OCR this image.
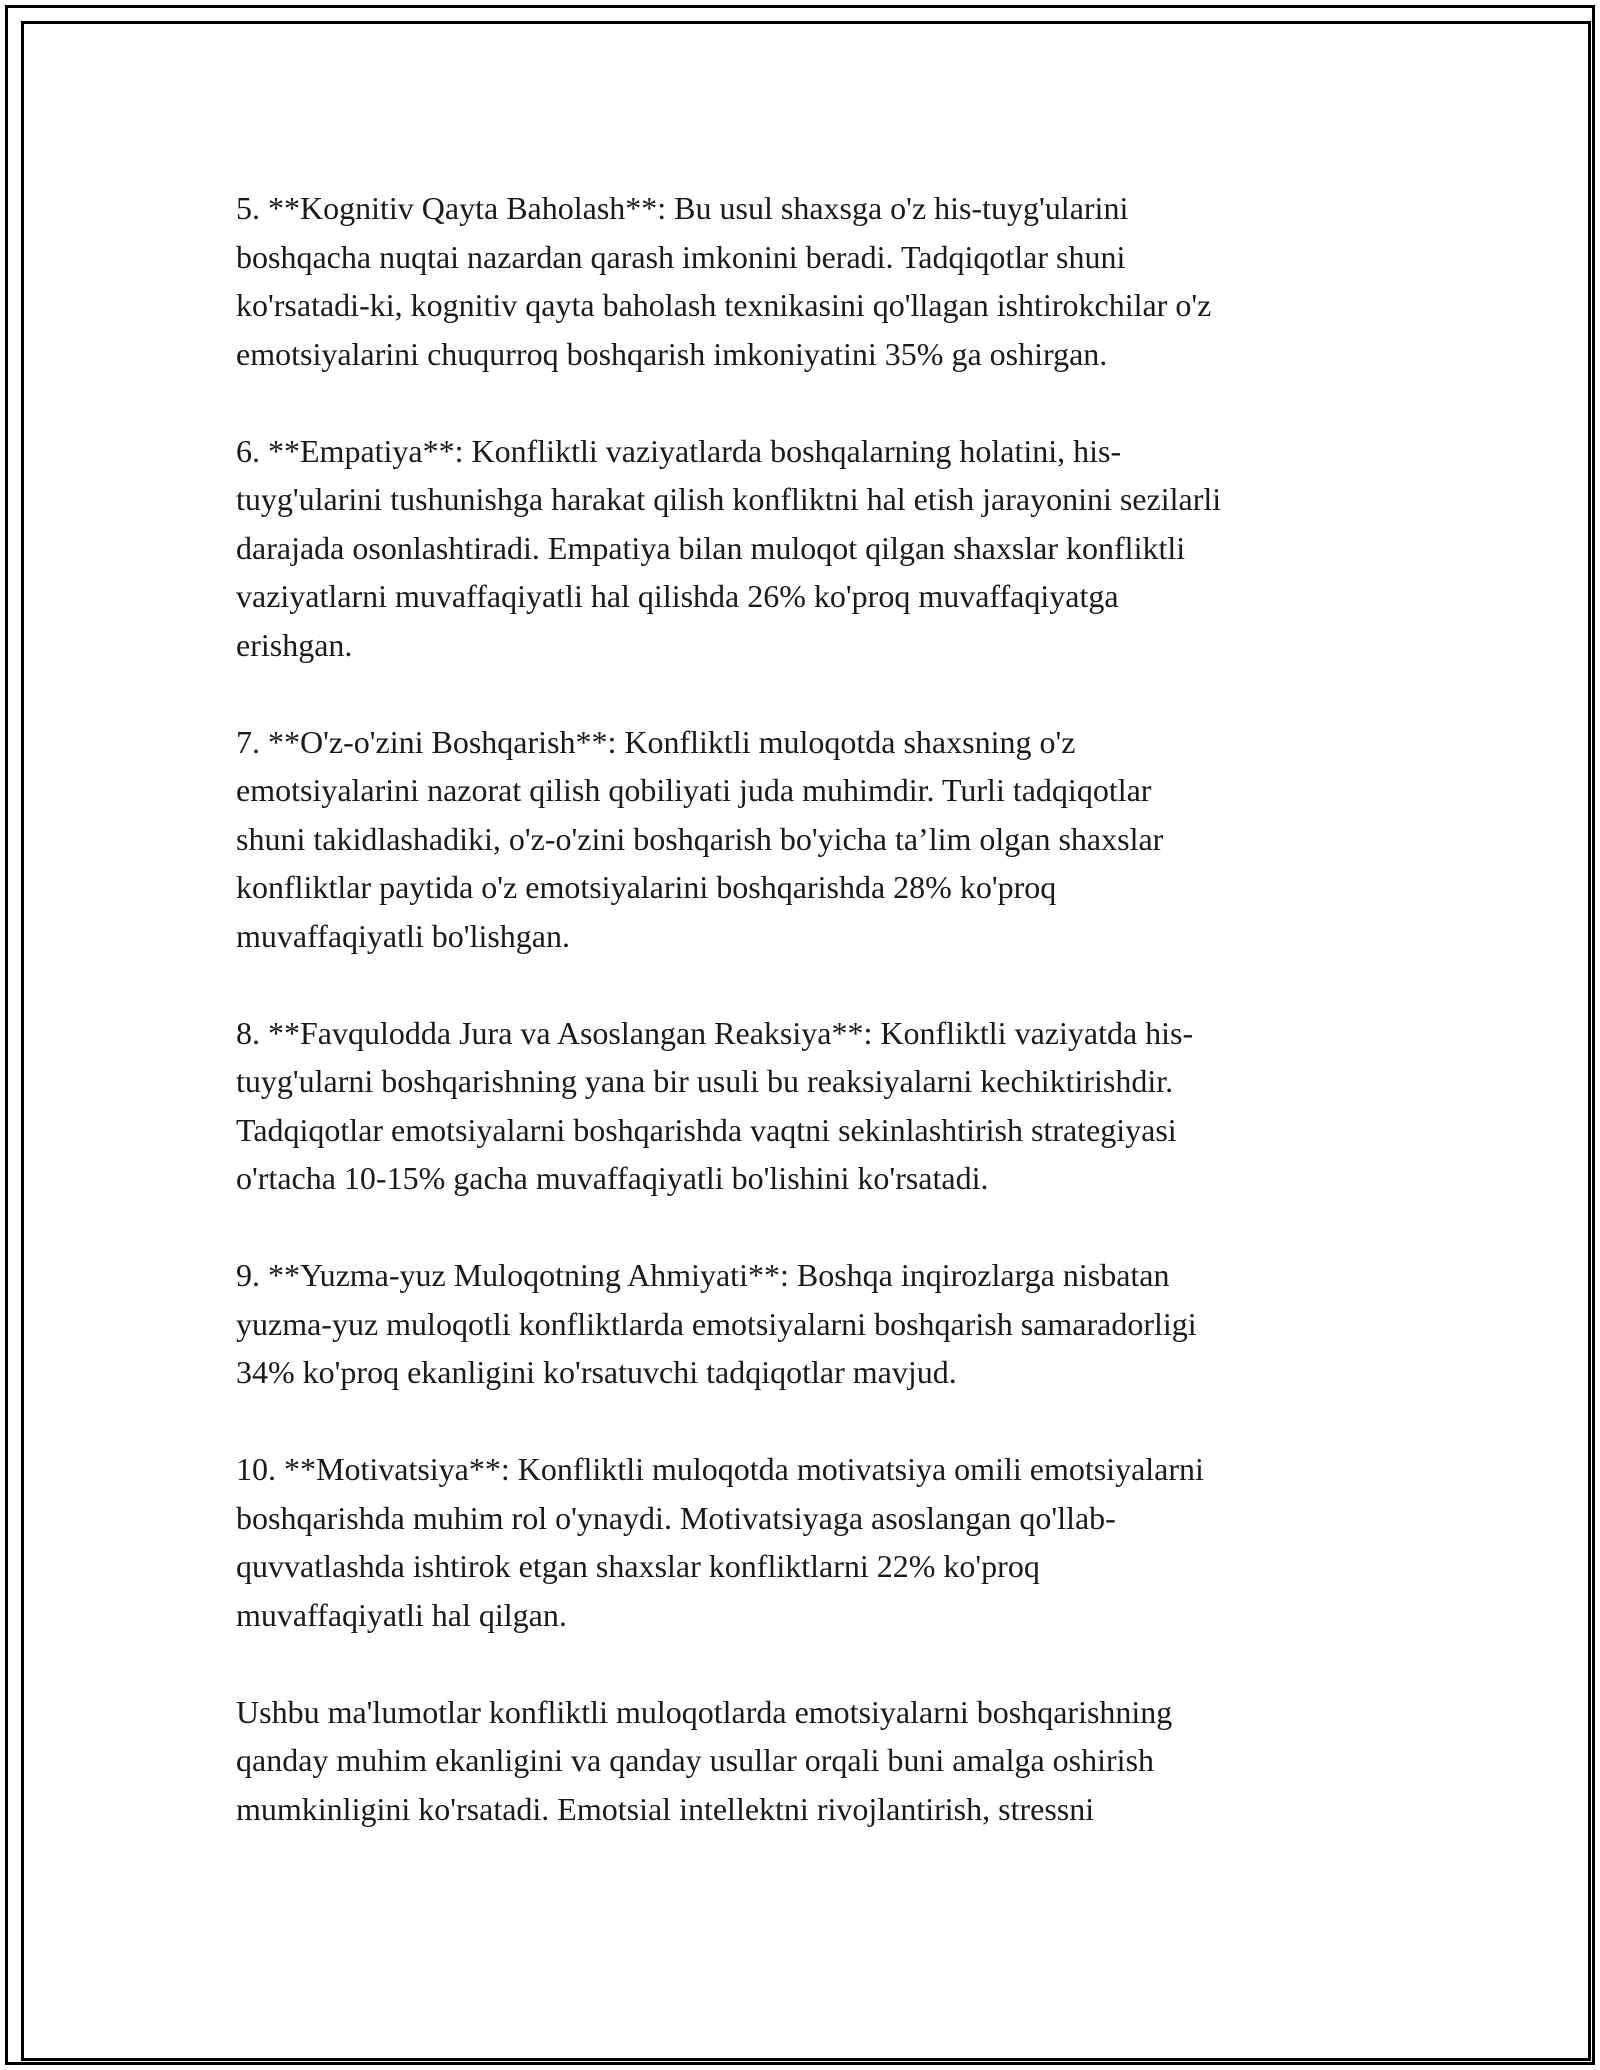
5. **Kognitiv Qayta Baholash**: Bu usul shaxsga o'z his-tuyg'ularini
boshqacha nuqtai nazardan qarash imkonini beradi. Tadqiqotlar shuni
ko'rsatadi-ki, kognitiv qayta baholash texnikasini qo'llagan ishtirokchilar o'z
emotsiyalarini chuqurroq boshqarish imkoniyatini 35% ga oshirgan.

6. **Empatiya**: Konfliktli vaziyatlarda boshqalarning holatini, his-
tuyg'ularini tushunishga harakat qilish konfliktni hal etish jarayonini sezilarli
darajada osonlashtiradi. Empatiya bilan muloqot qilgan shaxslar konfliktli
vaziyatlarni muvaffaqiyatli hal qilishda 26% ko'proq muvaffaqiyatga
erishgan.

7. **O'z-o'zini Boshqarish**: Konfliktli muloqotda shaxsning o'z
emotsiyalarini nazorat qilish qobiliyati juda muhimdir. Turli tadqiqotlar
shuni takidlashadiki, o'z-o'zini boshqarish bo'yicha ta’lim olgan shaxslar
konfliktlar paytida o'z emotsiyalarini boshqarishda 28% ko'proq
muvaffaqiyatli bo'lishgan.

8. **Favqulodda Jura va Asoslangan Reaksiya**: Konfliktli vaziyatda his-
tuyg'ularni boshqarishning yana bir usuli bu reaksiyalarni kechiktirishdir.
Tadqiqotlar emotsiyalarni boshqarishda vaqtni sekinlashtirish strategiyasi
o'rtacha 10-15% gacha muvaffaqiyatli bo'lishini ko'rsatadi.

9. **Yuzma-yuz Muloqotning Ahmiyati**: Boshqa inqirozlarga nisbatan
yuzma-yuz muloqotli konfliktlarda emotsiyalarni boshqarish samaradorligi
34% ko'proq ekanligini ko'rsatuvchi tadqiqotlar mavjud.

10. **Motivatsiya**: Konfliktli muloqotda motivatsiya omili emotsiyalarni
boshqarishda muhim rol o'ynaydi. Motivatsiyaga asoslangan qo'llab-
quvvatlashda ishtirok etgan shaxslar konfliktlarni 22% ko'proq
muvaffaqiyatli hal qilgan.

Ushbu ma'lumotlar konfliktli muloqotlarda emotsiyalarni boshqarishning
qanday muhim ekanligini va qanday usullar orqali buni amalga oshirish
mumkinligini ko'rsatadi. Emotsial intellektni rivojlantirish, stressni
